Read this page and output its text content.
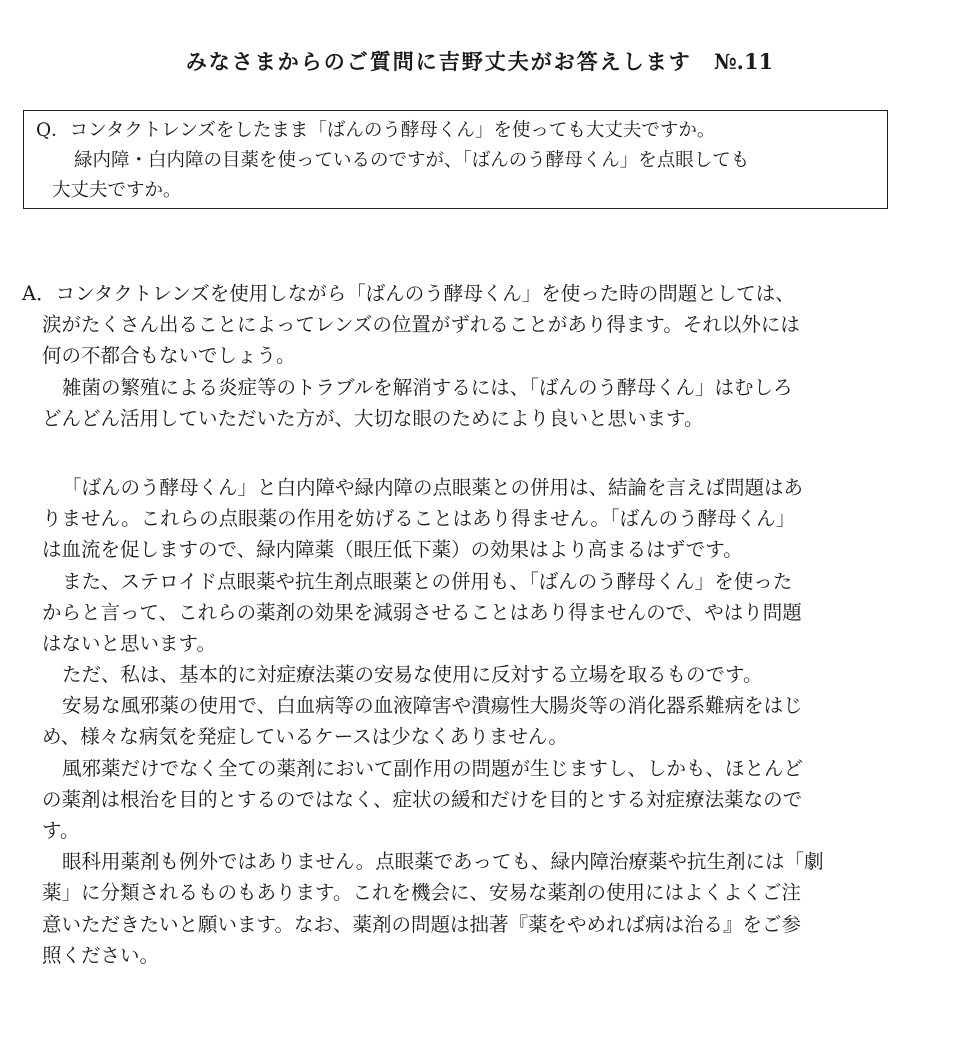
みなさまからのご質問に吉野丈夫がお答えします №.11
Q．コンタクトレンズをしたまま「ばんのう酵母くん」を使っても大丈夫ですか。
緑内障・白内障の目薬を使っているのですが、「ばんのう酵母くん」を点眼しても
大丈夫ですか。
A．コンタクトレンズを使用しながら「ばんのう酵母くん」を使った時の問題としては、
涙がたくさん出ることによってレンズの位置がずれることがあり得ます。それ以外には
何の不都合もないでしょう。
雑菌の繁殖による炎症等のトラブルを解消するには、「ばんのう酵母くん」はむしろ
どんどん活用していただいた方が、大切な眼のためにより良いと思います。
「ばんのう酵母くん」と白内障や緑内障の点眼薬との併用は、結論を言えば問題はあ
りません。これらの点眼薬の作用を妨げることはあり得ません。「ばんのう酵母くん」
は血流を促しますので、緑内障薬（眼圧低下薬）の効果はより高まるはずです。
また、ステロイド点眼薬や抗生剤点眼薬との併用も、「ばんのう酵母くん」を使った
からと言って、これらの薬剤の効果を減弱させることはあり得ませんので、やはり問題
はないと思います。
ただ、私は、基本的に対症療法薬の安易な使用に反対する立場を取るものです。
安易な風邪薬の使用で、白血病等の血液障害や潰瘍性大腸炎等の消化器系難病をはじ
め、様々な病気を発症しているケースは少なくありません。
風邪薬だけでなく全ての薬剤において副作用の問題が生じますし、しかも、ほとんど
の薬剤は根治を目的とするのではなく、症状の緩和だけを目的とする対症療法薬なので
す。
眼科用薬剤も例外ではありません。点眼薬であっても、緑内障治療薬や抗生剤には「劇
薬」に分類されるものもあります。これを機会に、安易な薬剤の使用にはよくよくご注
意いただきたいと願います。なお、薬剤の問題は拙著『薬をやめれば病は治る』をご参
照ください。
